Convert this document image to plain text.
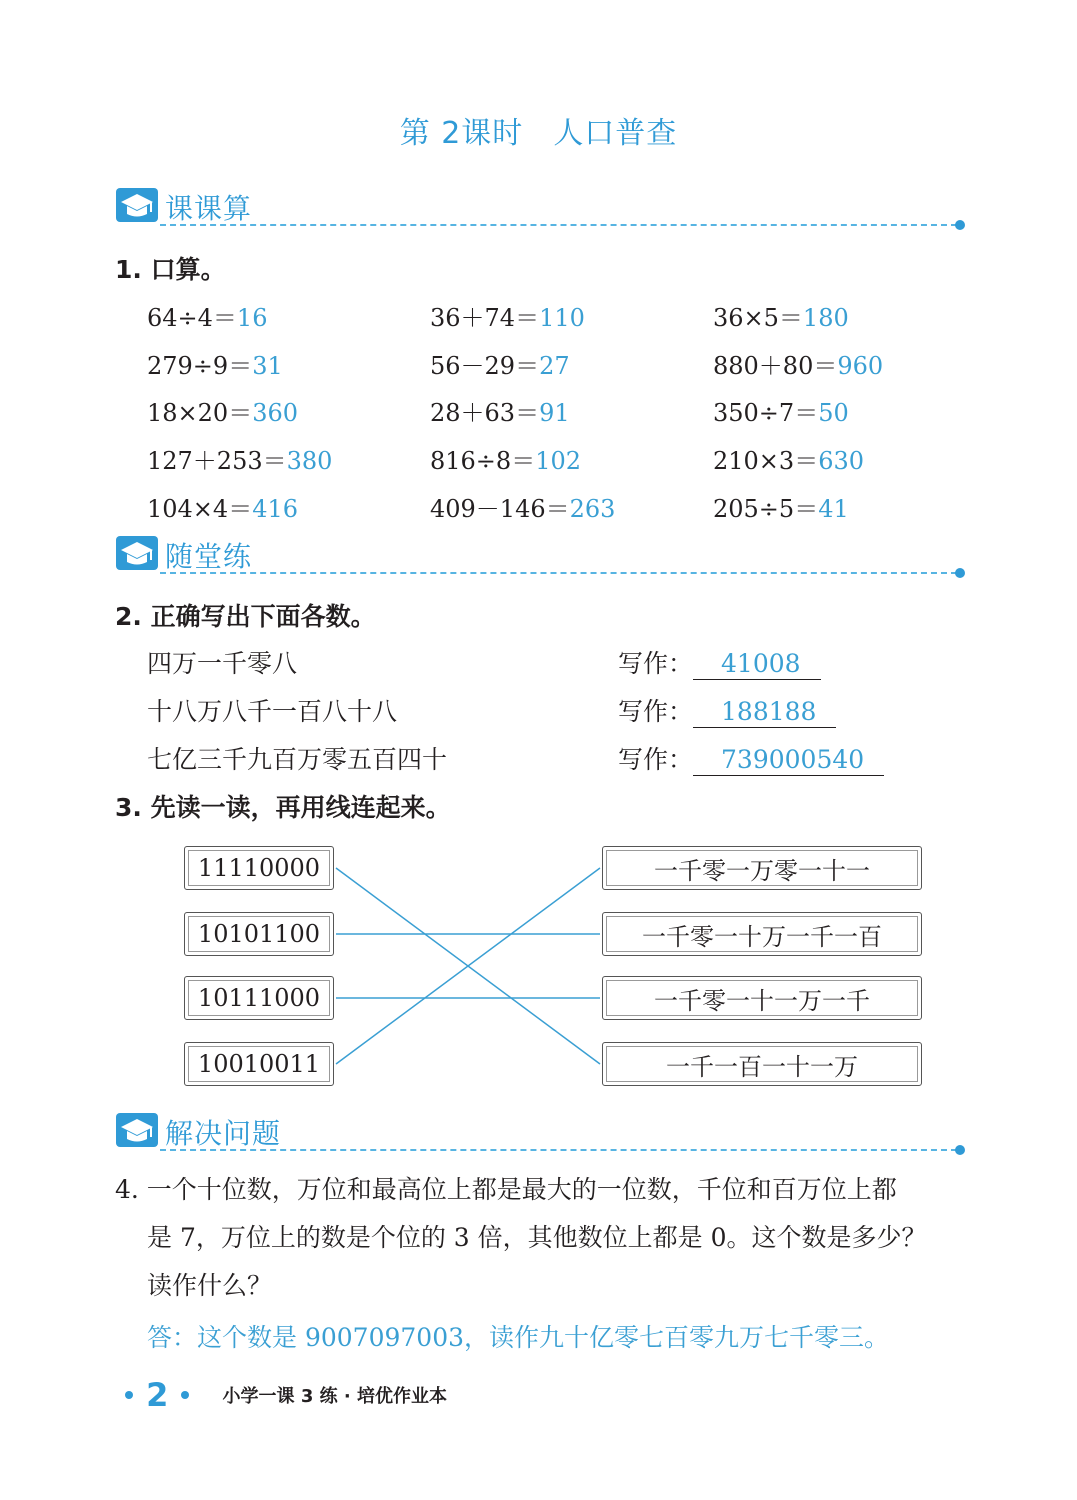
第 2课时 人口普查
课课算
1. 口算。
64÷4＝16	36＋74＝110	36×5＝180
279÷9＝31	56－29＝27	880＋80＝960
18×20＝360	28＋63＝91	350÷7＝50
127＋253＝380	816÷8＝102	210×3＝630
104×4＝416	409－146＝263	205÷5＝41
随堂练
2. 正确写出下面各数。
四万一千零八	写作： 41008
十八万八千一百八十八	写作： 188188
七亿三千九百万零五百四十	写作： 739000540
3. 先读一读，再用线连起来。
11110000
10101100
10111000
10010011
一千零一万零一十一
一千零一十万一千一百
一千零一十一万一千
一千一百一十一万
解决问题
4. 一个十位数，万位和最高位上都是最大的一位数，千位和百万位上都
是 7，万位上的数是个位的 3 倍，其他数位上都是 0。这个数是多少？
读作什么？
答：这个数是 9007097003，读作九十亿零七百零九万七千零三。
2	小学一课 3 练 · 培优作业本
